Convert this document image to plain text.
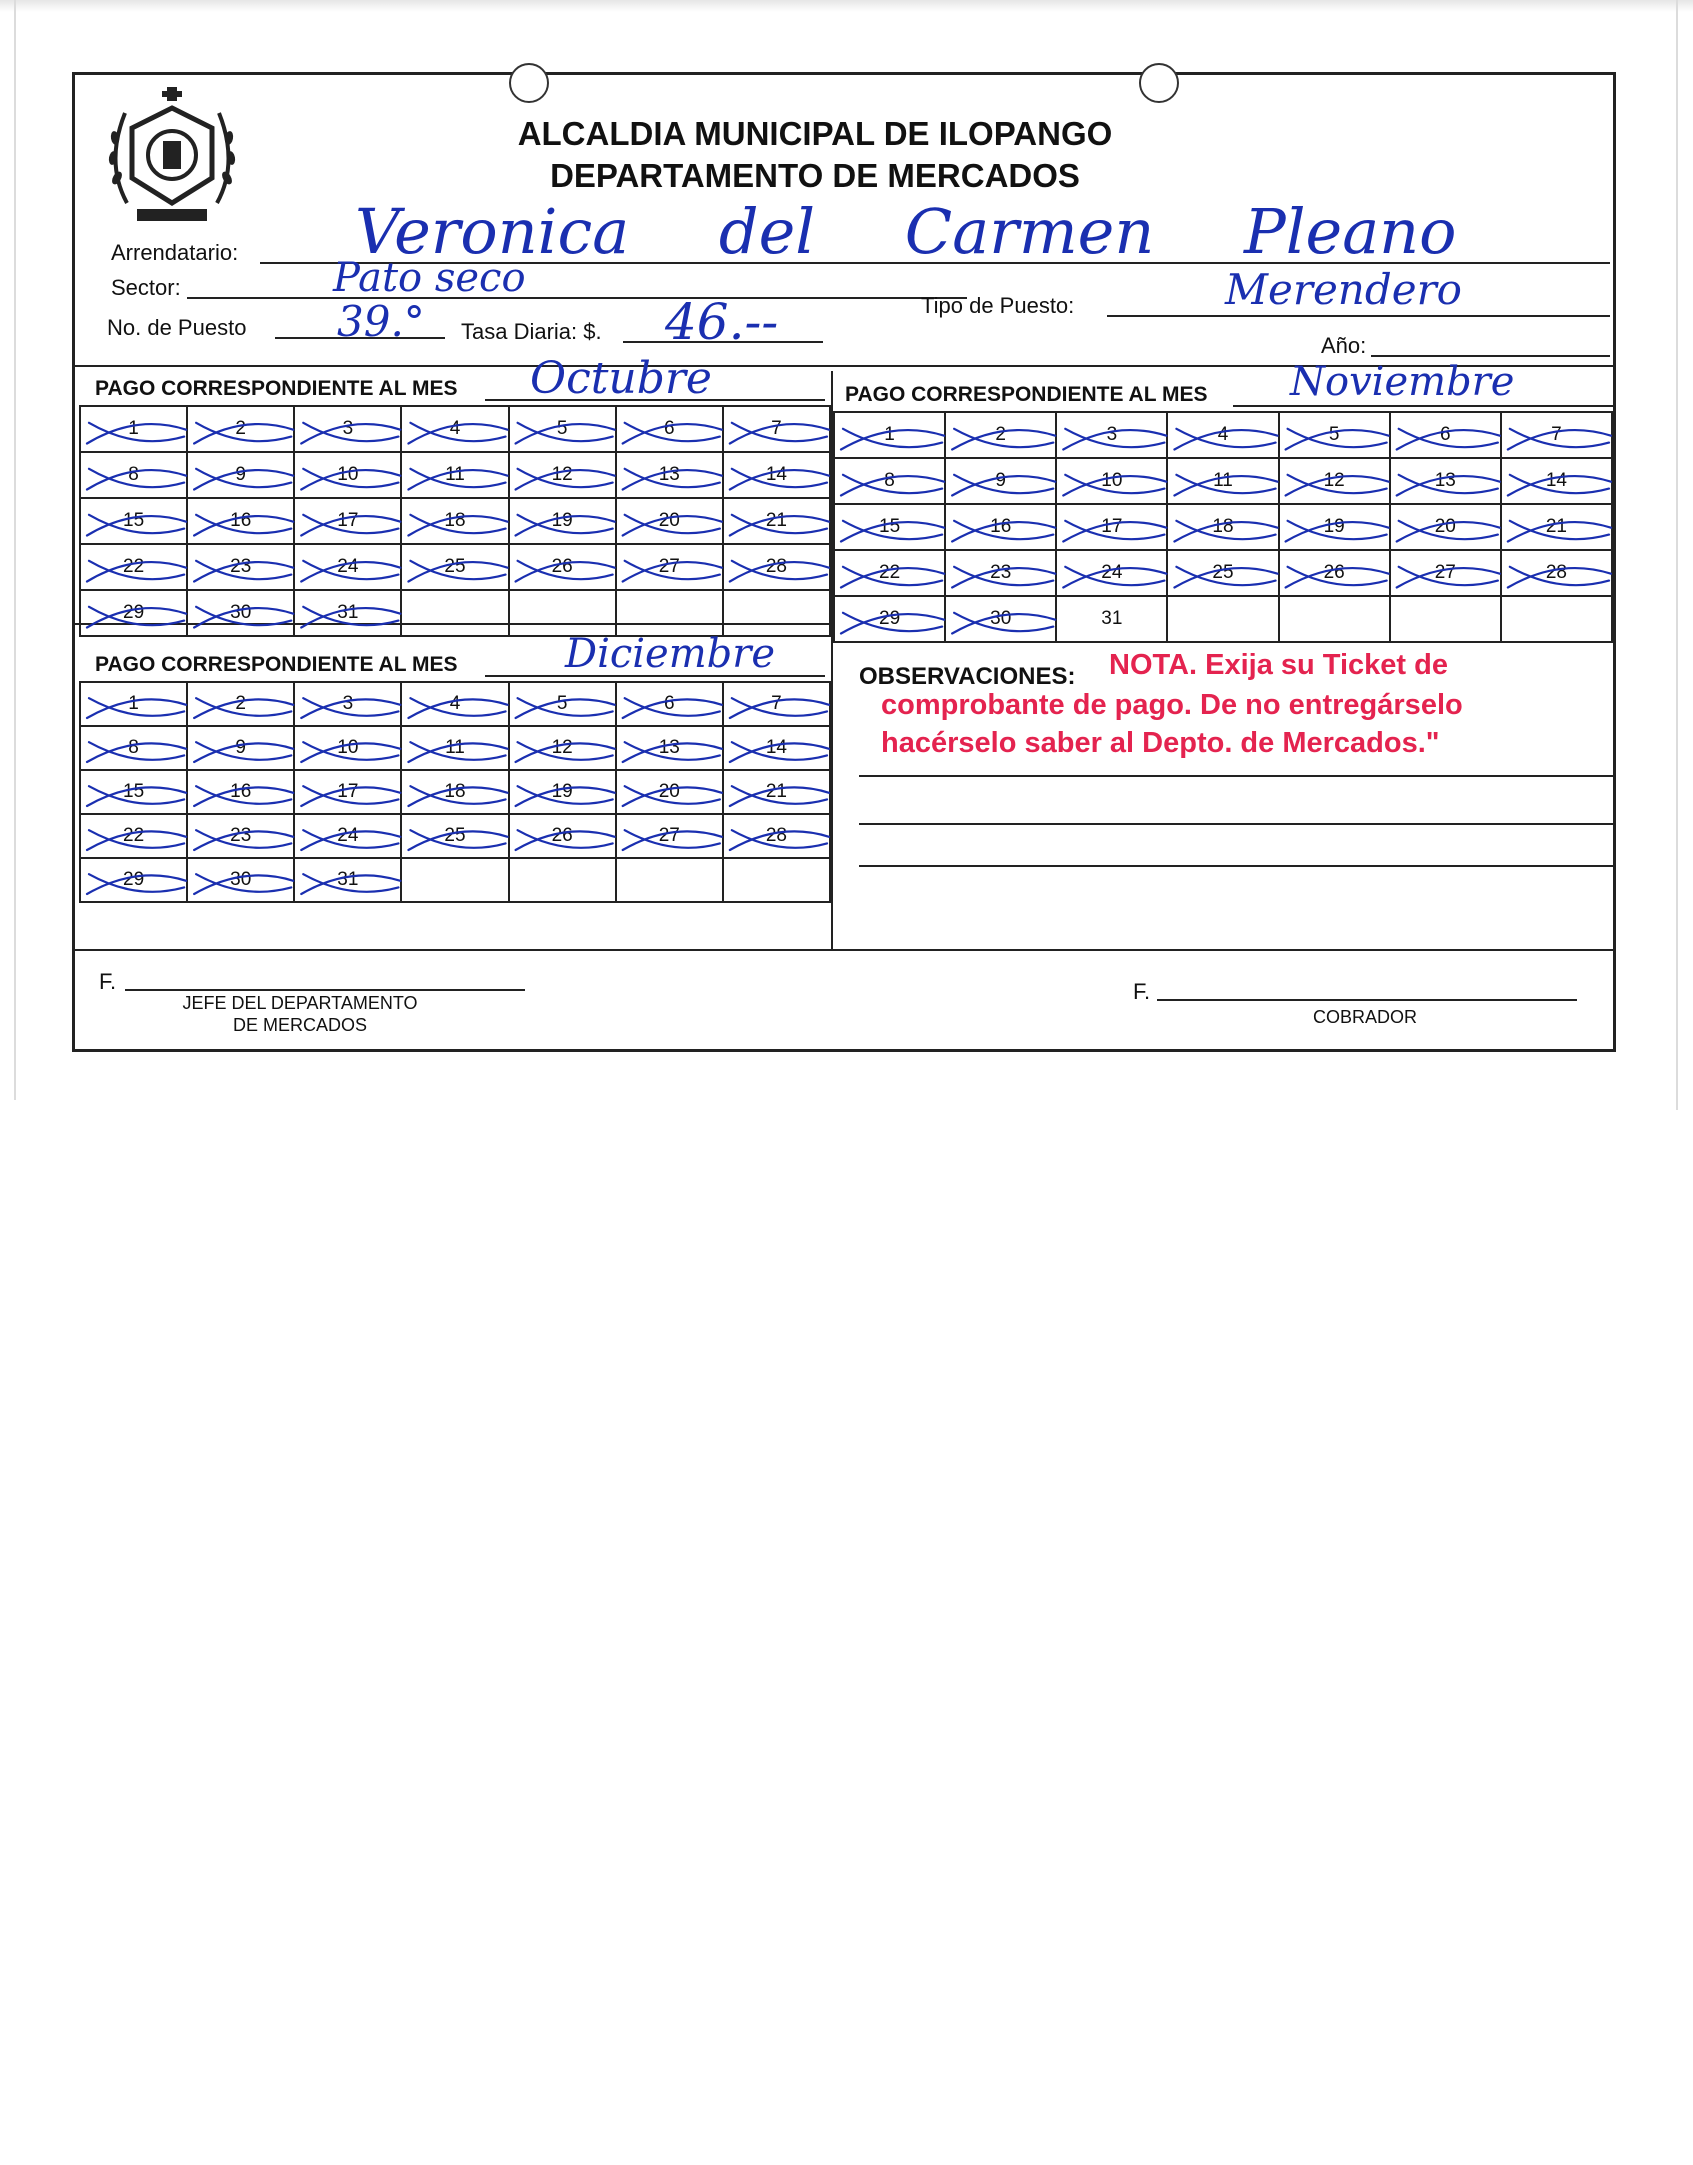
ALCALDIA MUNICIPAL DE ILOPANGO
DEPARTAMENTO DE MERCADOS
Arrendatario: Veronica del Carmen Pleano
Sector:	Pato seco
Tipo de Puesto:	Merendero
No. de Puesto 39.° Tasa Diaria: $. 46.--	Año:
PAGO CORRESPONDIENTE AL MES Octubre
1	2	3	4	5	6	7
8	9	10	11	12	13	14
15	16	17	18	19	20	21
22	23	24	25	26	27	28
29	30	31				
PAGO CORRESPONDIENTE AL MES Noviembre
1	2	3	4	5	6	7
8	9	10	11	12	13	14
15	16	17	18	19	20	21
22	23	24	25	26	27	28
29	30	31				
PAGO CORRESPONDIENTE AL MES	Diciembre
1	2	3	4	5	6	7
8	9	10	11	12	13	14
15	16	17	18	19	20	21
22	23	24	25	26	27	28
29	30	31				
OBSERVACIONES: NOTA. Exija su Ticket de
comprobante de pago. De no entregárselo
hacérselo saber al Depto. de Mercados."
F.
JEFE DEL DEPARTAMENTO
DE MERCADOS
F.
COBRADOR
